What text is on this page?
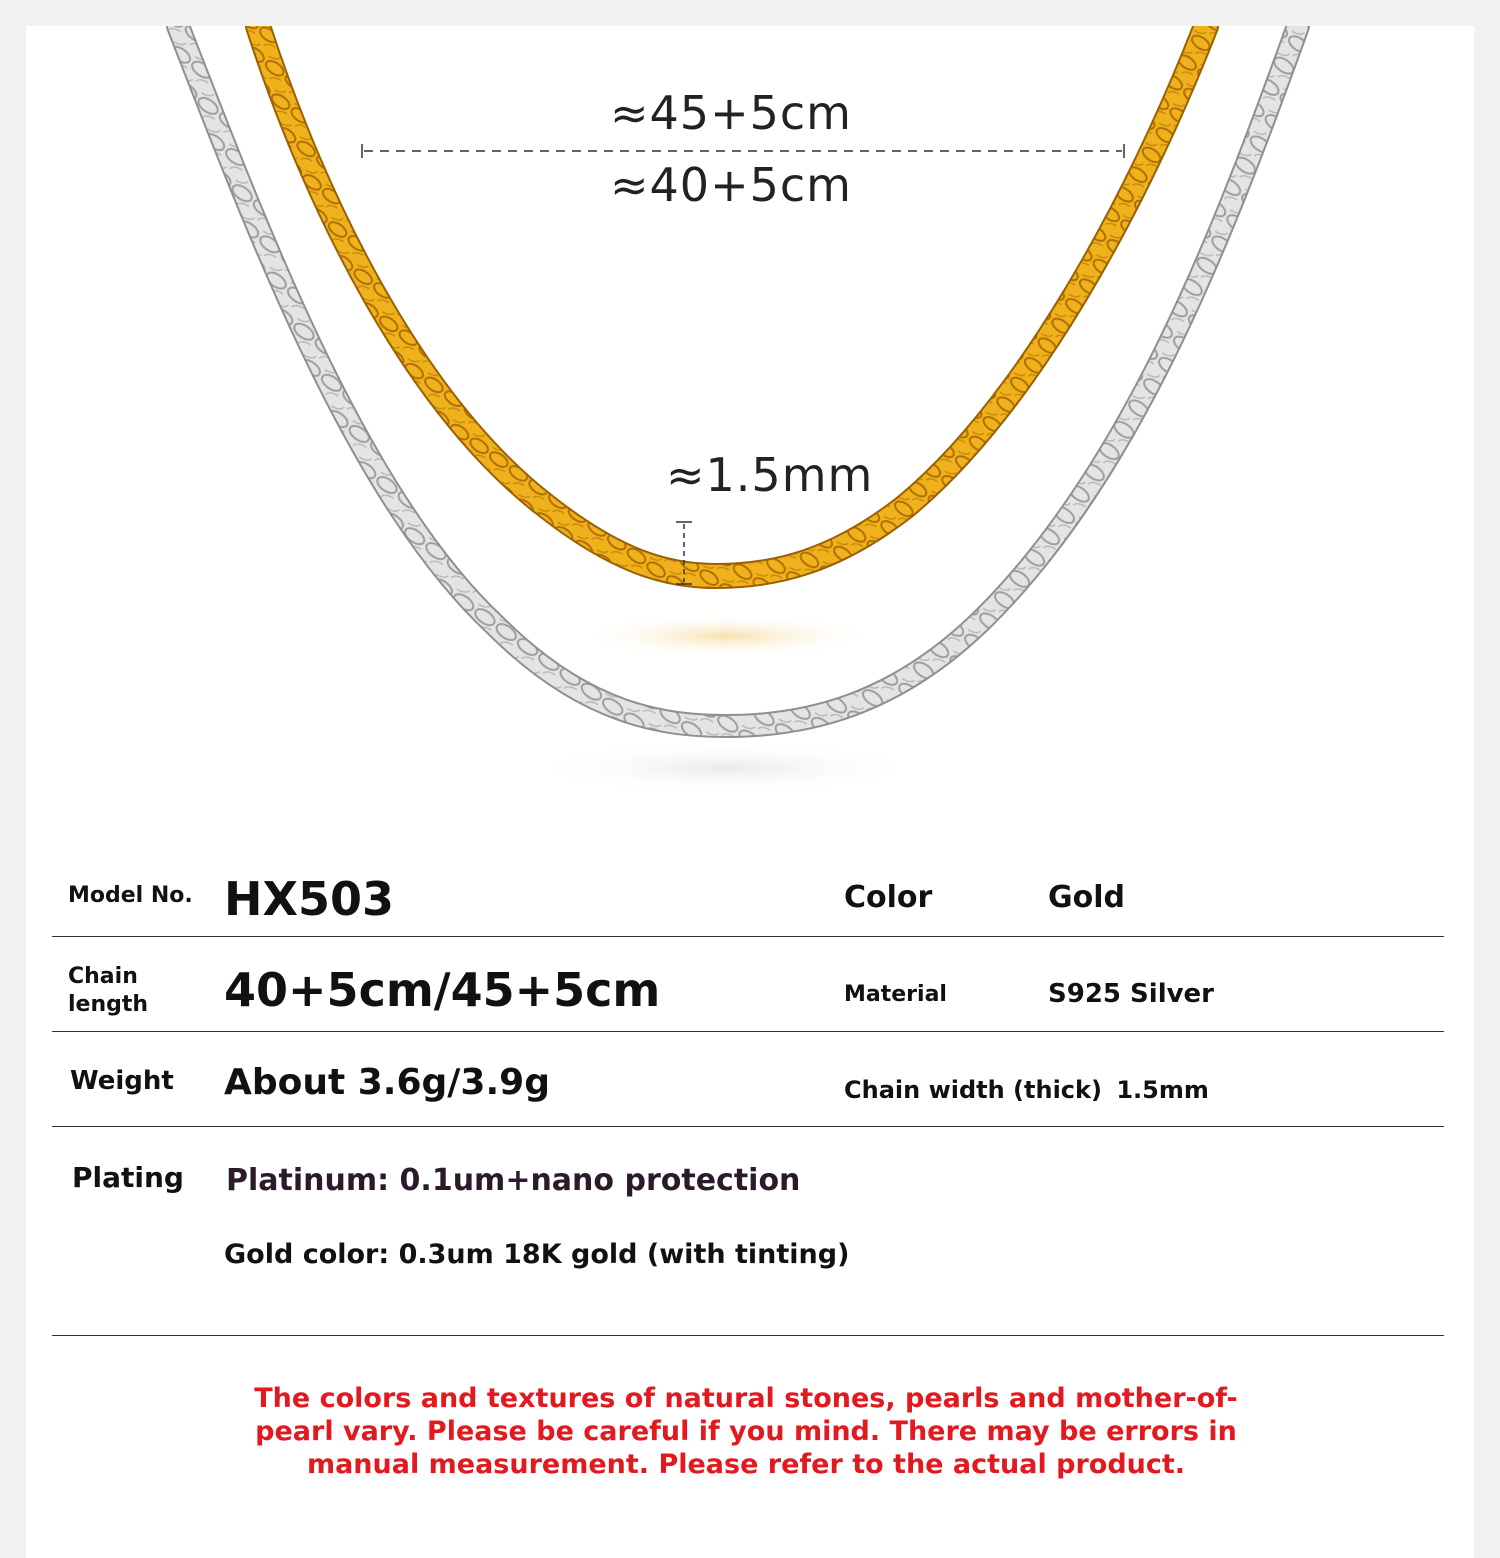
≈45+5cm
≈40+5cm
≈1.5mm
Model No. HX503	Color	Gold
Chain
length 40+5cm/45+5cm	Material	S925 Silver
Weight About 3.6g/3.9g	Chain width (thick) 1.5mm
Plating Platinum: 0.1um+nano protection
Gold color: 0.3um 18K gold (with tinting)
The colors and textures of natural stones, pearls and mother-of-pearl vary. Please be careful if you mind. There may be errors in manual measurement. Please refer to the actual product.
